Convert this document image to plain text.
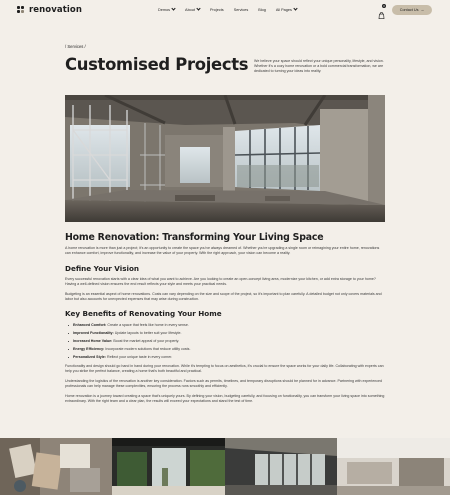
renovation	Demos	About	Projects	Services	Blog	All Pages
0
Contact Us →
/ Services /
Customised Projects We believe your space should reflect your unique personality, lifestyle, and vision. Whether it's a cozy home renovation or a bold commercial transformation, we are dedicated to turning your ideas into reality.

Home Renovation: Transforming Your Living Space

A home renovation is more than just a project; it's an opportunity to create the space you've always dreamed of. Whether you're upgrading a single room or reimagining your entire home, renovations can enhance comfort, improve functionality, and increase the value of your property. With the right approach, your vision can become a reality.

Define Your Vision

Every successful renovation starts with a clear idea of what you want to achieve. Are you looking to create an open-concept living area, modernize your kitchen, or add extra storage to your home? Having a well-defined vision ensures the end result reflects your style and meets your practical needs.

Budgeting is an essential aspect of home renovations. Costs can vary depending on the size and scope of the project, so it's important to plan carefully. A detailed budget not only covers materials and labor but also accounts for unexpected expenses that may arise during construction.

Key Benefits of Renovating Your Home
Enhanced Comfort: Create a space that feels like home in every sense.
Improved Functionality: Update layouts to better suit your lifestyle.
Increased Home Value: Boost the market appeal of your property.
Energy Efficiency: Incorporate modern solutions that reduce utility costs.
Personalized Style: Reflect your unique taste in every corner.

Functionality and design should go hand in hand during your renovation. While it's tempting to focus on aesthetics, it's crucial to ensure the space works for your daily life. Collaborating with experts can help you strike the perfect balance, creating a home that's both beautiful and practical.

Understanding the logistics of the renovation is another key consideration. Factors such as permits, timelines, and temporary disruptions should be planned for in advance. Partnering with experienced professionals can help manage these complexities, ensuring the process runs smoothly and efficiently.

Home renovation is a journey toward creating a space that's uniquely yours. By defining your vision, budgeting carefully, and focusing on functionality, you can transform your living space into something extraordinary. With the right team and a clear plan, the results will exceed your expectations and stand the test of time.
